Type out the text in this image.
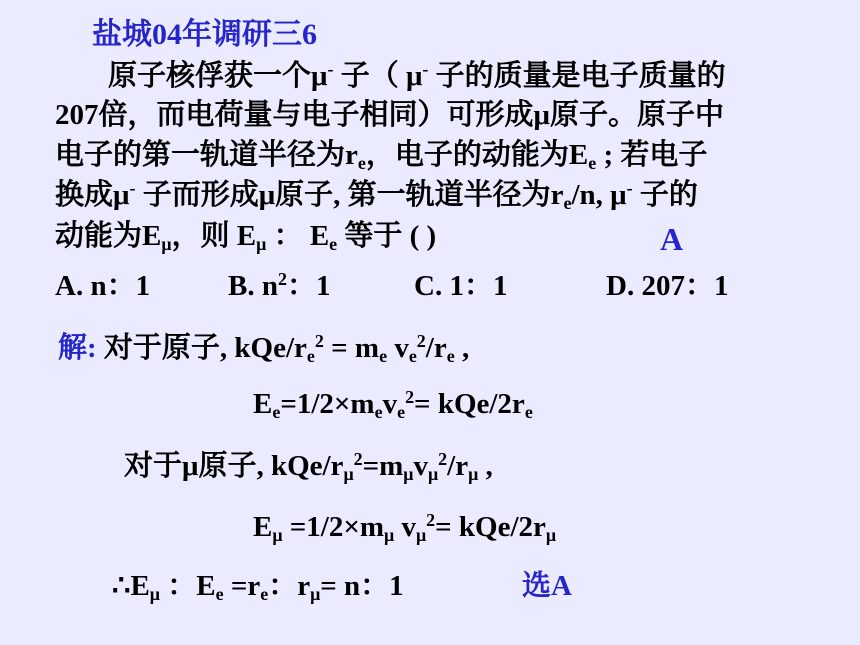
盐城04年调研三6
原子核俘获一个μ- 子（ μ- 子的质量是电子质量的
207倍，而电荷量与电子相同）可形成μ原子。原子中
电子的第一轨道半径为$r_e$，电子的动能为$E_e$ ; 若电子
换成μ- 子而形成μ原子, 第一轨道半径为$r_e/n$, μ- 子的
动能为$E_\mu$，则 $E_\mu$ ： $E_e$ 等于 ( )	A
A. n：1	B. $n^2$：1	C. 1：1	D. 207：1
解: 对于原子, kQe/$r_e^2 = m_e$ $v_e^2/r_e$ ,
$E_e=1/2\times m_ev_e^2= kQe/2r_e$
对于μ原子, kQe/$r_\mu^2=m_\mu v_\mu^2/r_\mu$ ,
$E_\mu =1/2\times m_\mu$ $v_\mu^2= kQe/2r_\mu$
$\therefore E_\mu$ ：$E_e =r_e$：$r_\mu= n$：1	选A
